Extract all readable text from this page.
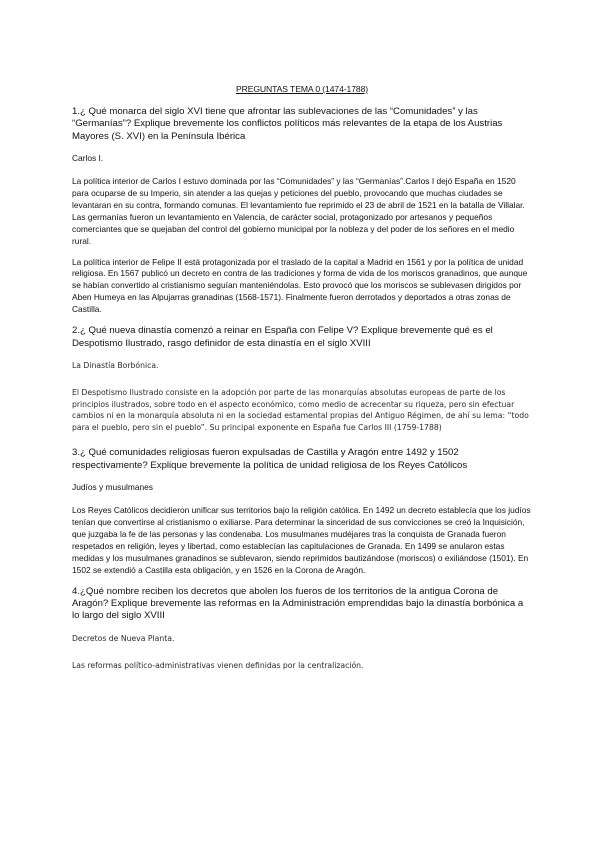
PREGUNTAS TEMA 0 (1474-1788)
1.¿ Qué monarca del siglo XVI tiene que afrontar las sublevaciones de las “Comunidades” y las “Germanías”? Explique brevemente los conflictos políticos más relevantes de la etapa de los Austrias Mayores (S. XVI) en la Península Ibérica
Carlos I.
La política interior de Carlos I estuvo dominada por las “Comunidades” y las “Germanías”.Carlos I dejó España en 1520 para ocuparse de su Imperio, sin atender a las quejas y peticiones del pueblo, provocando que muchas ciudades se levantaran en su contra, formando comunas. El levantamiento fue reprimido el 23 de abril de 1521 en la batalla de Villalar. Las germanías fueron un levantamiento en Valencia, de carácter social, protagonizado por artesanos y pequeños comerciantes que se quejaban del control del gobierno municipal por la nobleza y del poder de los señores en el medio rural.
La política interior de Felipe II está protagonizada por el traslado de la capital a Madrid en 1561 y por la política de unidad religiosa. En 1567 publicó un decreto en contra de las tradiciones y forma de vida de los moriscos granadinos, que aunque se habían convertido al cristianismo seguían manteniéndolas. Esto provocó que los moriscos se sublevasen dirigidos por Aben Humeya en las Alpujarras granadinas (1568-1571). Finalmente fueron derrotados y deportados a otras zonas de Castilla.
2.¿ Qué nueva dinastía comenzó a reinar en España con Felipe V? Explique brevemente qué es el Despotismo Ilustrado, rasgo definidor de esta dinastía en el siglo XVIII
La Dinastía Borbónica.
El Despotismo Ilustrado consiste en la adopción por parte de las monarquías absolutas europeas de parte de los principios ilustrados, sobre todo en el aspecto económico, como medio de acrecentar su riqueza, pero sin efectuar cambios ni en la monarquía absoluta ni en la sociedad estamental propias del Antiguo Régimen, de ahí su lema: “todo para el pueblo, pero sin el pueblo”. Su principal exponente en España fue Carlos III (1759-1788)
3.¿ Qué comunidades religiosas fueron expulsadas de Castilla y Aragón entre 1492 y 1502 respectivamente? Explique brevemente la política de unidad religiosa de los Reyes Católicos
Judíos y musulmanes
Los Reyes Católicos decidieron unificar sus territorios bajo la religión católica. En 1492 un decreto establecía que los judíos tenían que convertirse al cristianismo o exiliarse. Para determinar la sinceridad de sus convicciones se creó la Inquisición, que juzgaba la fe de las personas y las condenaba. Los musulmanes mudéjares tras la conquista de Granada fueron respetados en religión, leyes y libertad, como establecían las capitulaciones de Granada. En 1499 se anularon estas medidas y los musulmanes granadinos se sublevaron, siendo reprimidos bautizándose (moriscos) o exiliándose (1501). En 1502 se extendió a Castilla esta obligación, y en 1526 en la Corona de Aragón.
4.¿Qué nombre reciben los decretos que abolen los fueros de los territorios de la antigua Corona de Aragón? Explique brevemente las reformas en la Administración emprendidas bajo la dinastía borbónica a lo largo del siglo XVIII
Decretos de Nueva Planta.
Las reformas político-administrativas vienen definidas por la centralización.
